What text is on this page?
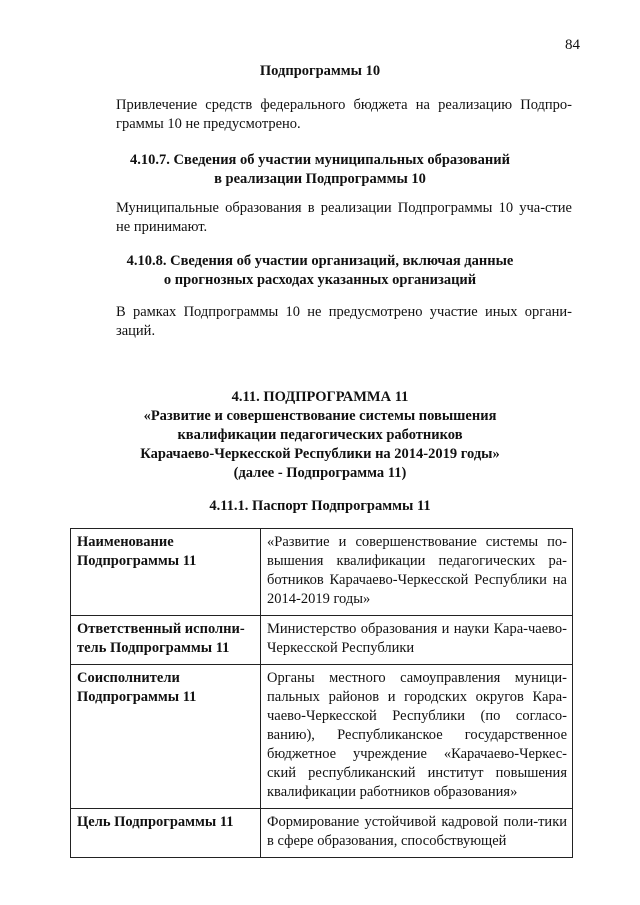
84
Подпрограммы 10
Привлечение средств федерального бюджета на реализацию Подпро-граммы 10 не предусмотрено.
4.10.7. Сведения об участии муниципальных образований
в реализации Подпрограммы 10
Муниципальные образования в реализации Подпрограммы 10 уча-стие не принимают.
4.10.8. Сведения об участии организаций, включая данные
о прогнозных расходах указанных организаций
В рамках Подпрограммы 10 не предусмотрено участие иных органи-заций.
4.11. ПОДПРОГРАММА 11
«Развитие и совершенствование системы повышения
квалификации педагогических работников
Карачаево-Черкесской Республики на 2014-2019 годы»
(далее - Подпрограмма 11)
4.11.1. Паспорт Подпрограммы 11
Наименование Подпрограммы 11	«Развитие и совершенствование системы по-вышения квалификации педагогических ра-ботников Карачаево-Черкесской Республики на 2014-2019 годы»
Ответственный исполни-тель Подпрограммы 11	Министерство образования и науки Кара-чаево-Черкесской Республики
Соисполнители Подпрограммы 11	Органы местного самоуправления муници-пальных районов и городских округов Кара-чаево-Черкесской Республики (по согласо-ванию), Республиканское государственное бюджетное учреждение «Карачаево-Черкес-ский республиканский институт повышения квалификации работников образования»
Цель Подпрограммы 11	Формирование устойчивой кадровой поли-тики в сфере образования, способствующей
